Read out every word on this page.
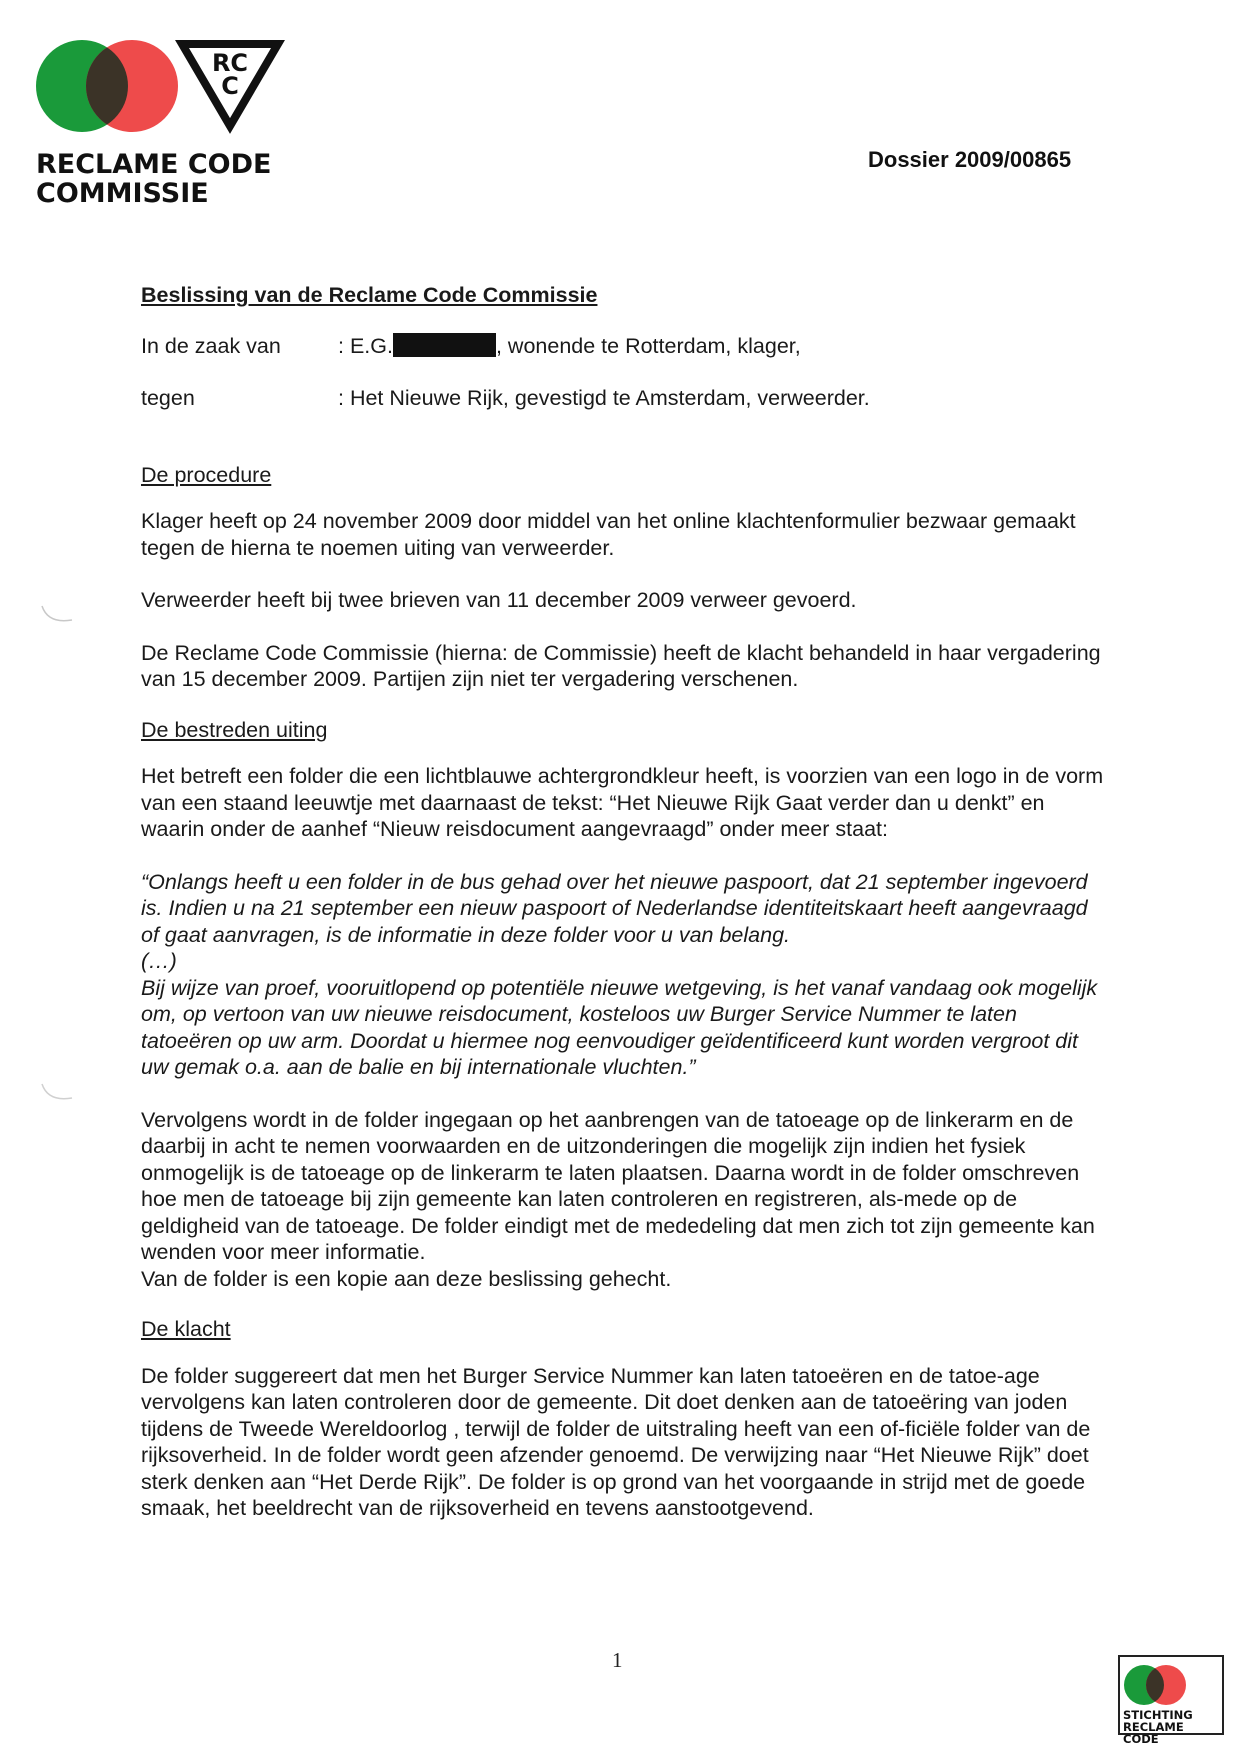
RC
C
RECLAME CODE
COMMISSIE
Dossier 2009/00865
Beslissing van de Reclame Code Commissie
In de zaak van	: E.G.	, wonende te Rotterdam, klager,
tegen	: Het Nieuwe Rijk, gevestigd te Amsterdam, verweerder.
De procedure
Klager heeft op 24 november 2009 door middel van het online klachtenformulier bezwaar gemaakt tegen de hierna te noemen uiting van verweerder.
Verweerder heeft bij twee brieven van 11 december 2009 verweer gevoerd.
De Reclame Code Commissie (hierna: de Commissie) heeft de klacht behandeld in haar vergadering van 15 december 2009. Partijen zijn niet ter vergadering verschenen.
De bestreden uiting
Het betreft een folder die een lichtblauwe achtergrondkleur heeft, is voorzien van een logo in de vorm van een staand leeuwtje met daarnaast de tekst: “Het Nieuwe Rijk Gaat verder dan u denkt” en waarin onder de aanhef “Nieuw reisdocument aangevraagd” onder meer staat:
“Onlangs heeft u een folder in de bus gehad over het nieuwe paspoort, dat 21 september ingevoerd is. Indien u na 21 september een nieuw paspoort of Nederlandse identiteitskaart heeft aangevraagd of gaat aanvragen, is de informatie in deze folder voor u van belang.
(…)
Bij wijze van proef, vooruitlopend op potentiële nieuwe wetgeving, is het vanaf vandaag ook mogelijk om, op vertoon van uw nieuwe reisdocument, kosteloos uw Burger Service Nummer te laten tatoeëren op uw arm. Doordat u hiermee nog eenvoudiger geïdentificeerd kunt worden vergroot dit uw gemak o.a. aan de balie en bij internationale vluchten.”
Vervolgens wordt in de folder ingegaan op het aanbrengen van de tatoeage op de linkerarm en de daarbij in acht te nemen voorwaarden en de uitzonderingen die mogelijk zijn indien het fysiek onmogelijk is de tatoeage op de linkerarm te laten plaatsen. Daarna wordt in de folder omschreven hoe men de tatoeage bij zijn gemeente kan laten controleren en registreren, als-mede op de geldigheid van de tatoeage. De folder eindigt met de mededeling dat men zich tot zijn gemeente kan wenden voor meer informatie.
Van de folder is een kopie aan deze beslissing gehecht.
De klacht
De folder suggereert dat men het Burger Service Nummer kan laten tatoeëren en de tatoe-age vervolgens kan laten controleren door de gemeente. Dit doet denken aan de tatoeëring van joden tijdens de Tweede Wereldoorlog , terwijl de folder de uitstraling heeft van een of-ficiële folder van de rijksoverheid. In de folder wordt geen afzender genoemd. De verwijzing naar “Het Nieuwe Rijk” doet sterk denken aan “Het Derde Rijk”. De folder is op grond van het voorgaande in strijd met de goede smaak, het beeldrecht van de rijksoverheid en tevens aanstootgevend.
1
STICHTING
RECLAME CODE
